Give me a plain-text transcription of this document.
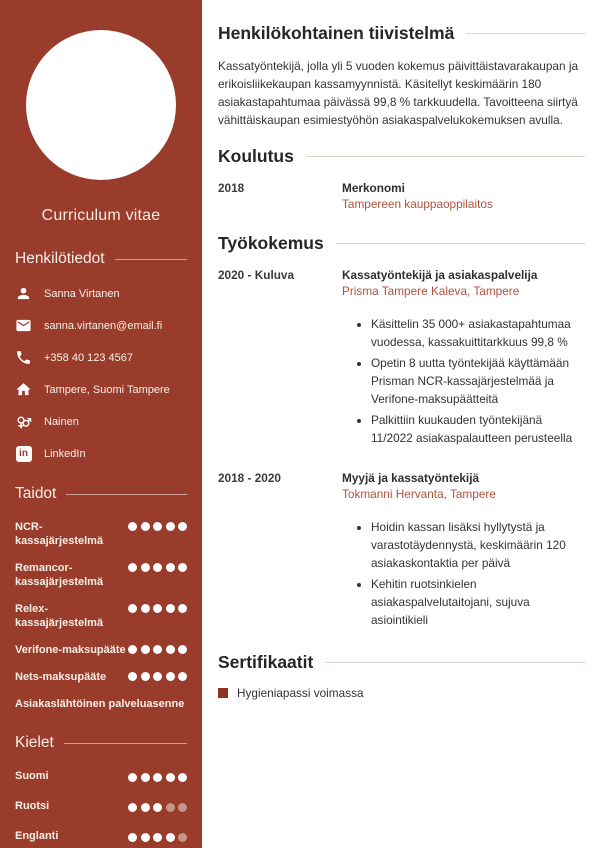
Curriculum vitae
Henkilötiedot
Sanna Virtanen
sanna.virtanen@email.fi
+358 40 123 4567
Tampere, Suomi Tampere
Nainen
in	LinkedIn
Taidot
NCR-kassajärjestelmä
Remancor-kassajärjestelmä
Relex-kassajärjestelmä
Verifone-maksupääte
Nets-maksupääte
Asiakaslähtöinen palveluasenne
Kielet
Suomi
Ruotsi
Englanti
Henkilökohtainen tiivistelmä

Kassatyöntekijä, jolla yli 5 vuoden kokemus päivittäistavarakaupan ja erikoisliikekaupan kassamyynnistä. Käsitellyt keskimäärin 180 asiakastapahtumaa päivässä 99,8 % tarkkuudella. Tavoitteena siirtyä vähittäiskaupan esimiestyöhön asiakaspalvelukokemuksen avulla.

Koulutus
2018	Merkonomi
Tampereen kauppaoppilaitos
Työkokemus
2020 - Kuluva	Kassatyöntekijä ja asiakaspalvelija
Prisma Tampere Kaleva, Tampere
• Käsittelin 35 000+ asiakastapahtumaa vuodessa, kassakuittitarkkuus 99,8 %
• Opetin 8 uutta työntekijää käyttämään Prisman NCR-kassajärjestelmää ja Verifone-maksupäätteitä
• Palkittiin kuukauden työntekijänä 11/2022 asiakaspalautteen perusteella
2018 - 2020	Myyjä ja kassatyöntekijä
Tokmanni Hervanta, Tampere
• Hoidin kassan lisäksi hyllytystä ja varastotäydennystä, keskimäärin 120 asiakaskontaktia per päivä
• Kehitin ruotsinkielen asiakaspalvelutaitojani, sujuva asiointikieli
Sertifikaatit
Hygieniapassi voimassa
